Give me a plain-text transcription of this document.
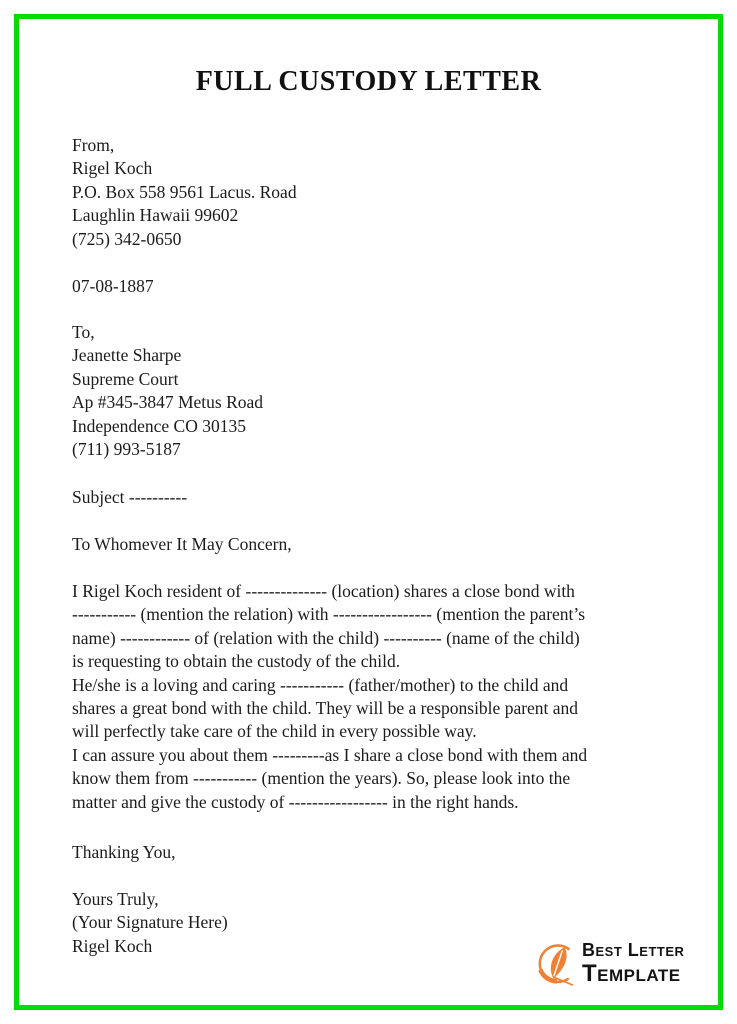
FULL CUSTODY LETTER
From,
Rigel Koch
P.O. Box 558 9561 Lacus. Road
Laughlin Hawaii 99602
(725) 342-0650
07-08-1887
To,
Jeanette Sharpe
Supreme Court
Ap #345-3847 Metus Road
Independence CO 30135
(711) 993-5187
Subject ----------
To Whomever It May Concern,
I Rigel Koch resident of -------------- (location) shares a close bond with
----------- (mention the relation) with ----------------- (mention the parent’s
name) ------------ of (relation with the child) ---------- (name of the child)
is requesting to obtain the custody of the child.
He/she is a loving and caring ----------- (father/mother) to the child and
shares a great bond with the child. They will be a responsible parent and
will perfectly take care of the child in every possible way.
I can assure you about them ---------as I share a close bond with them and
know them from ----------- (mention the years). So, please look into the
matter and give the custody of ----------------- in the right hands.
Thanking You,
Yours Truly,
(Your Signature Here)
Rigel Koch	Best Letter
Template
